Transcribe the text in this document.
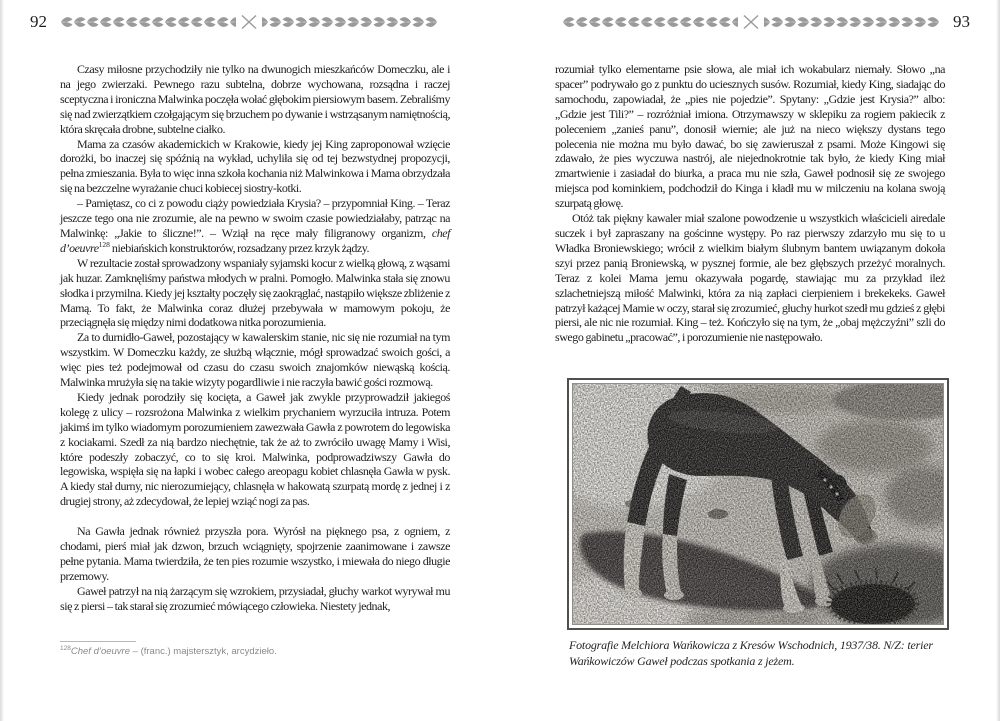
92	93

Czasy miłosne przychodziły nie tylko na dwunogich mieszkańców Domeczku, ale i na jego zwierzaki. Pewnego razu subtelna, dobrze wychowana, rozsądna i raczej sceptyczna i ironiczna Malwinka poczęła wołać głębokim piersiowym basem. Zebraliśmy się nad zwierzątkiem czołgającym się brzuchem po dywanie i wstrząsanym namiętnością, która skręcała drobne, subtelne ciałko.

Mama za czasów akademickich w Krakowie, kiedy jej King zaproponował wzięcie dorożki, bo inaczej się spóźnią na wykład, uchyliła się od tej bezwstydnej propozycji, pełna zmieszania. Była to więc inna szkoła kochania niż Malwinkowa i Mama obrzydzała się na bezczelne wyrażanie chuci kobiecej siostry-kotki.

– Pamiętasz, co ci z powodu ciąży powiedziała Krysia? – przypomniał King. – Teraz jeszcze tego ona nie zrozumie, ale na pewno w swoim czasie powiedziałaby, patrząc na Malwinkę: „Jakie to śliczne!”. – Wziął na ręce mały filigranowy organizm, chef d’oeuvre$^{128}$ niebiańskich konstruktorów, rozsadzany przez krzyk żądzy.

W rezultacie został sprowadzony wspaniały syjamski kocur z wielką głową, z wąsami jak huzar. Zamknęliśmy państwa młodych w pralni. Pomogło. Malwinka stała się znowu słodka i przymilna. Kiedy jej kształty poczęły się zaokrąglać, nastąpiło większe zbliżenie z Mamą. To fakt, że Malwinka coraz dłużej przebywała w mamowym pokoju, że przeciągnęła się między nimi dodatkowa nitka porozumienia.

Za to durnidło-Gaweł, pozostający w kawalerskim stanie, nic się nie rozumiał na tym wszystkim. W Domeczku każdy, ze służbą włącznie, mógł sprowadzać swoich gości, a więc pies też podejmował od czasu do czasu swoich znajomków niewąską kością. Malwinka mrużyła się na takie wizyty pogardliwie i nie raczyła bawić gości rozmową.

Kiedy jednak porodziły się kocięta, a Gaweł jak zwykle przyprowadził jakiegoś kolegę z ulicy – rozsrożona Malwinka z wielkim prychaniem wyrzuciła intruza. Potem jakimś im tylko wiadomym porozumieniem zawezwała Gawła z powrotem do legowiska z kociakami. Szedł za nią bardzo niechętnie, tak że aż to zwróciło uwagę Mamy i Wisi, które podeszły zobaczyć, co to się kroi. Malwinka, podprowadziwszy Gawła do legowiska, wspięła się na łapki i wobec całego areopagu kobiet chlasnęła Gawła w pysk. A kiedy stał durny, nic nierozumiejący, chlasnęła w hakowatą szurpatą mordę z jednej i z drugiej strony, aż zdecydował, że lepiej wziąć nogi za pas.

Na Gawła jednak również przyszła pora. Wyrósł na pięknego psa, z ogniem, z chodami, pierś miał jak dzwon, brzuch wciągnięty, spojrzenie zaanimowane i zawsze pełne pytania. Mama twierdziła, że ten pies rozumie wszystko, i miewała do niego długie przemowy.

Gaweł patrzył na nią żarzącym się wzrokiem, przysiadał, głuchy warkot wyrywał mu się z piersi – tak starał się zrozumieć mówiącego człowieka. Niestety jednak,

$^{128}$Chef d’oeuvre – (franc.) majstersztyk, arcydzieło.

rozumiał tylko elementarne psie słowa, ale miał ich wokabularz niemały. Słowo „na spacer” podrywało go z punktu do uciesznych susów. Rozumiał, kiedy King, siadając do samochodu, zapowiadał, że „pies nie pojedzie”. Spytany: „Gdzie jest Krysia?” albo: „Gdzie jest Tili?” – rozróżniał imiona. Otrzymawszy w sklepiku za rogiem pakiecik z poleceniem „zanieś panu”, donosił wiernie; ale już na nieco większy dystans tego polecenia nie można mu było dawać, bo się zawieruszał z psami. Może Kingowi się zdawało, że pies wyczuwa nastrój, ale niejednokrotnie tak było, że kiedy King miał zmartwienie i zasiadał do biurka, a praca mu nie szła, Gaweł podnosił się ze swojego miejsca pod kominkiem, podchodził do Kinga i kładł mu w milczeniu na kolana swoją szurpatą głowę.

Otóż tak piękny kawaler miał szalone powodzenie u wszystkich właścicieli airedale suczek i był zapraszany na gościnne występy. Po raz pierwszy zdarzyło mu się to u Władka Broniewskiego; wrócił z wielkim białym ślubnym bantem uwiązanym dokoła szyi przez panią Broniewską, w pysznej formie, ale bez głębszych przeżyć moralnych. Teraz z kolei Mama jemu okazywała pogardę, stawiając mu za przykład ileż szlachetniejszą miłość Malwinki, która za nią zapłaci cierpieniem i brekekeks. Gaweł patrzył każącej Mamie w oczy, starał się zrozumieć, głuchy hurkot szedł mu gdzieś z głębi piersi, ale nic nie rozumiał. King – też. Kończyło się na tym, że „obaj mężczyźni” szli do swego gabinetu „pracować”, i porozumienie nie następowało.

Fotografie Melchiora Wańkowicza z Kresów Wschodnich, 1937/38. N/Z: terier Wańkowiczów Gaweł podczas spotkania z jeżem.
